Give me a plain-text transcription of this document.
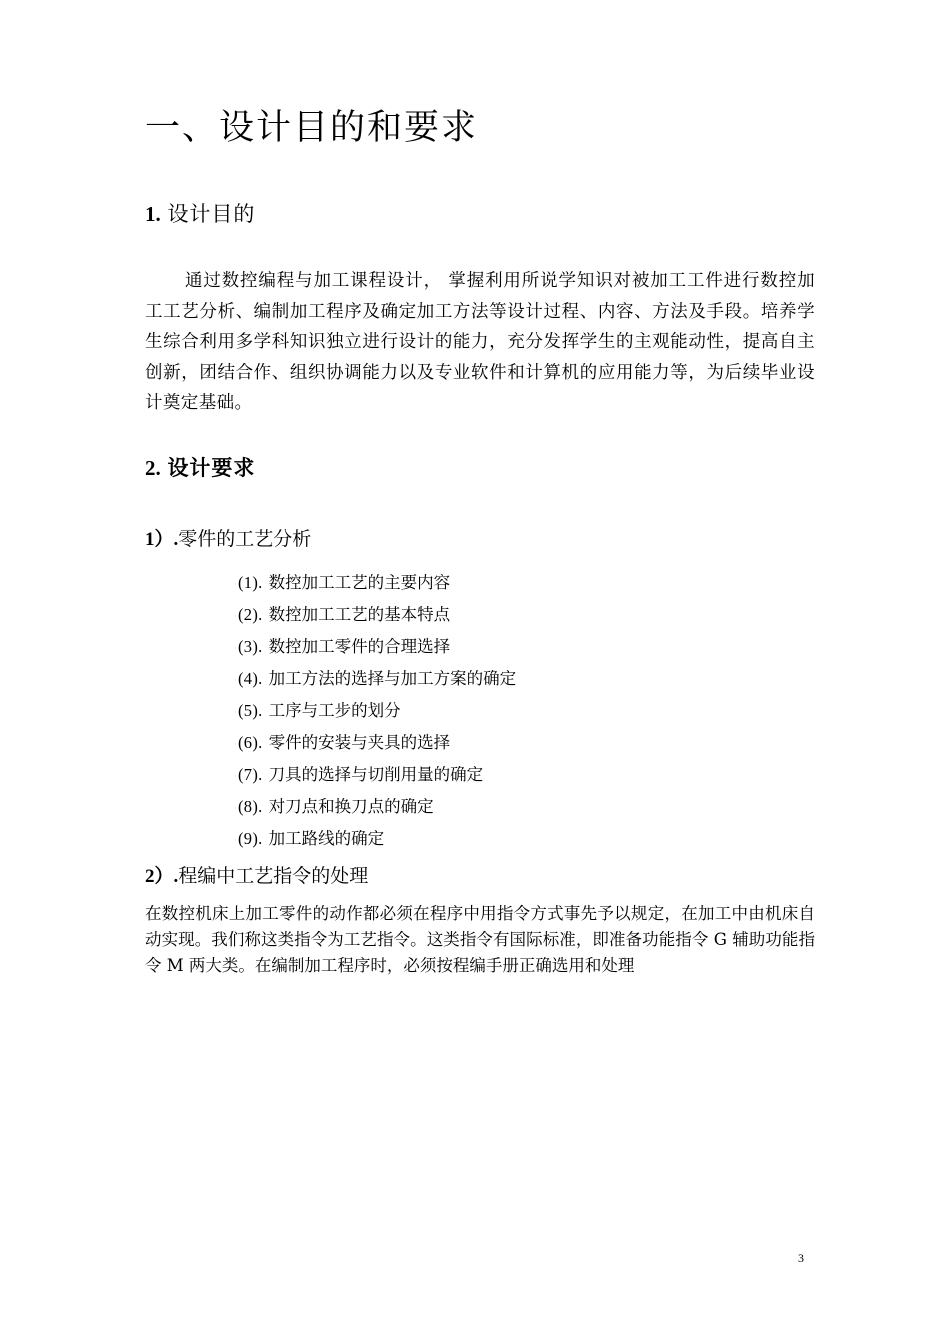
一、设计目的和要求
1. 设计目的
通过数控编程与加工课程设计， 掌握利用所说学知识对被加工工件进行数控加工工艺分析、编制加工程序及确定加工方法等设计过程、内容、方法及手段。培养学生综合利用多学科知识独立进行设计的能力，充分发挥学生的主观能动性，提高自主创新，团结合作、组织协调能力以及专业软件和计算机的应用能力等，为后续毕业设计奠定基础。
2. 设计要求
1）.零件的工艺分析
(1). 数控加工工艺的主要内容
(2). 数控加工工艺的基本特点
(3). 数控加工零件的合理选择
(4). 加工方法的选择与加工方案的确定
(5). 工序与工步的划分
(6). 零件的安装与夹具的选择
(7). 刀具的选择与切削用量的确定
(8). 对刀点和换刀点的确定
(9). 加工路线的确定
2）.程编中工艺指令的处理
在数控机床上加工零件的动作都必须在程序中用指令方式事先予以规定，在加工中由机床自动实现。我们称这类指令为工艺指令。这类指令有国际标准，即准备功能指令 G 辅助功能指令 M 两大类。在编制加工程序时，必须按程编手册正确选用和处理
3
